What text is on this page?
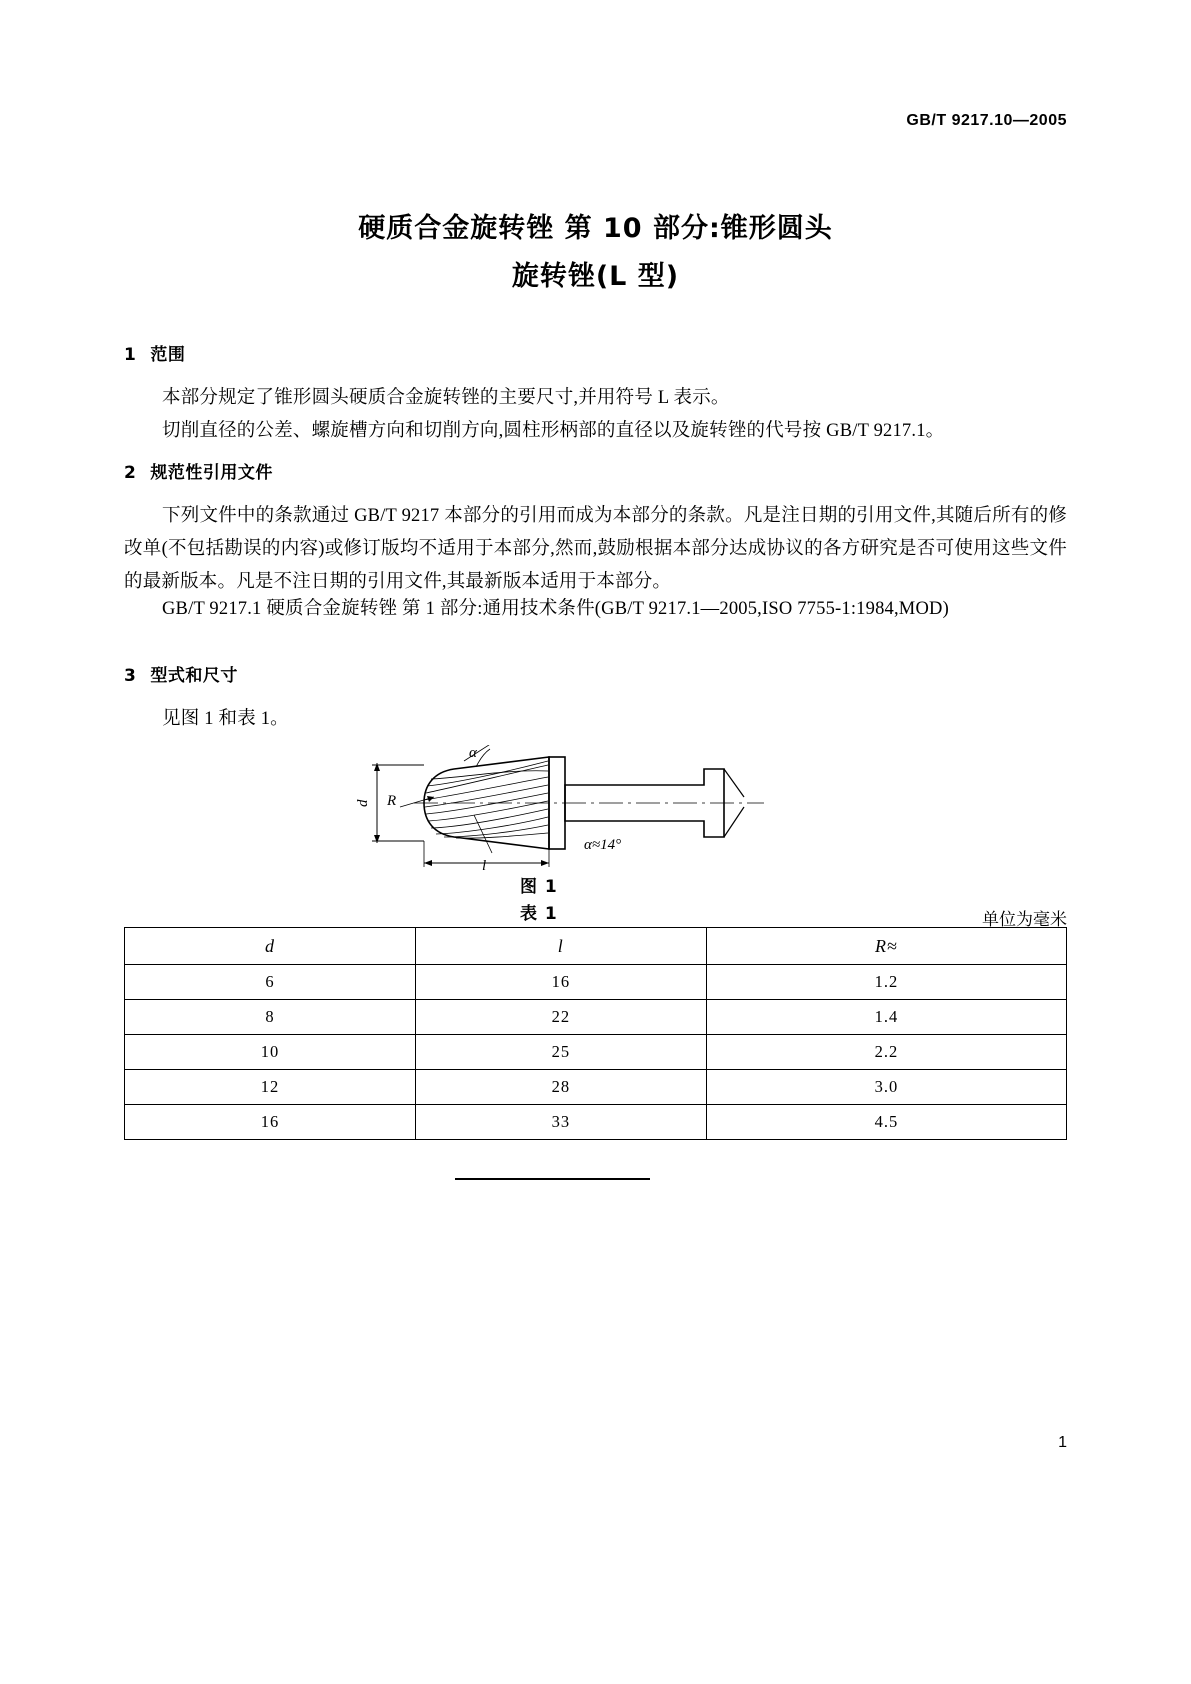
GB/T 9217.10—2005
硬质合金旋转锉 第 10 部分:锥形圆头
旋转锉(L 型)
1 范围
本部分规定了锥形圆头硬质合金旋转锉的主要尺寸,并用符号 L 表示。
切削直径的公差、螺旋槽方向和切削方向,圆柱形柄部的直径以及旋转锉的代号按 GB/T 9217.1。
2 规范性引用文件
下列文件中的条款通过 GB/T 9217 本部分的引用而成为本部分的条款。凡是注日期的引用文件,其随后所有的修改单(不包括勘误的内容)或修订版均不适用于本部分,然而,鼓励根据本部分达成协议的各方研究是否可使用这些文件的最新版本。凡是不注日期的引用文件,其最新版本适用于本部分。
GB/T 9217.1 硬质合金旋转锉 第 1 部分:通用技术条件(GB/T 9217.1—2005,ISO 7755-1:1984,MOD)
3 型式和尺寸
见图 1 和表 1。
α
d R
l
α≈14°
图 1
表 1	单位为毫米
d	l	R≈
6	16	1.2
8	22	1.4
10	25	2.2
12	28	3.0
16	33	4.5
1
